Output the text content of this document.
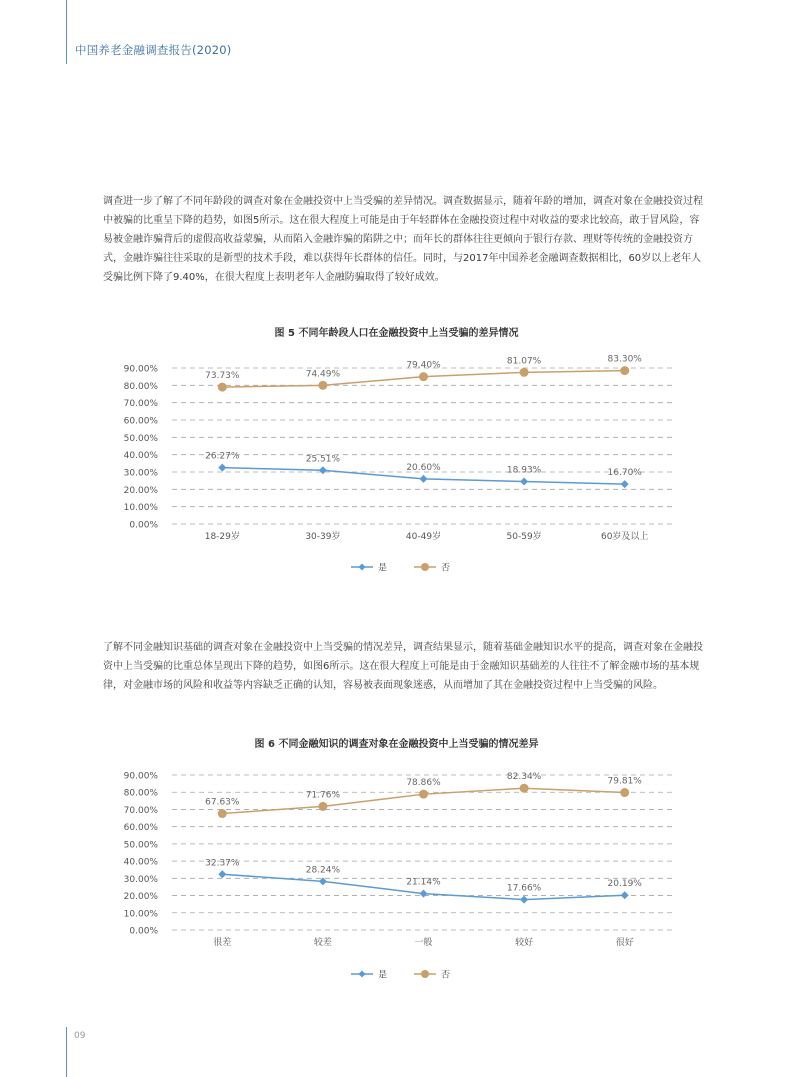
中国养老金融调查报告(2020)

调查进一步了解了不同年龄段的调查对象在金融投资中上当受骗的差异情况。调查数据显示，随着年龄的增加，调查对象在金融投资过程中被骗的比重呈下降的趋势，如图5所示。这在很大程度上可能是由于年轻群体在金融投资过程中对收益的要求比较高，敢于冒风险，容易被金融诈骗背后的虚假高收益蒙骗，从而陷入金融诈骗的陷阱之中；而年长的群体往往更倾向于银行存款、理财等传统的金融投资方式，金融诈骗往往采取的是新型的技术手段，难以获得年长群体的信任。同时，与2017年中国养老金融调查数据相比，60岁以上老年人受骗比例下降了9.40%，在很大程度上表明老年人金融防骗取得了较好成效。

图 5 不同年龄段人口在金融投资中上当受骗的差异情况
0.00%
10.00%
20.00%
30.00%
40.00%
50.00%
60.00%
70.00%
80.00%
90.00%
18-29岁	30-39岁	40-49岁	50-59岁	60岁及以上
26.27%	25.51%
20.60%	18.93%	16.70%
73.73%	74.49%
79.40%	81.07%	83.30%
是	否

了解不同金融知识基础的调查对象在金融投资中上当受骗的情况差异，调查结果显示，随着基础金融知识水平的提高，调查对象在金融投资中上当受骗的比重总体呈现出下降的趋势，如图6所示。这在很大程度上可能是由于金融知识基础差的人往往不了解金融市场的基本规律，对金融市场的风险和收益等内容缺乏正确的认知，容易被表面现象迷惑，从而增加了其在金融投资过程中上当受骗的风险。

图 6 不同金融知识的调查对象在金融投资中上当受骗的情况差异
0.00%
10.00%
20.00%
30.00%
40.00%
50.00%
60.00%
70.00%
80.00%
90.00%
很差	较差	一般	较好	很好
32.37%
28.24%
21.14%
17.66%	20.19%
67.63%
71.76%
78.86%
82.34%	79.81%
是	否
09
